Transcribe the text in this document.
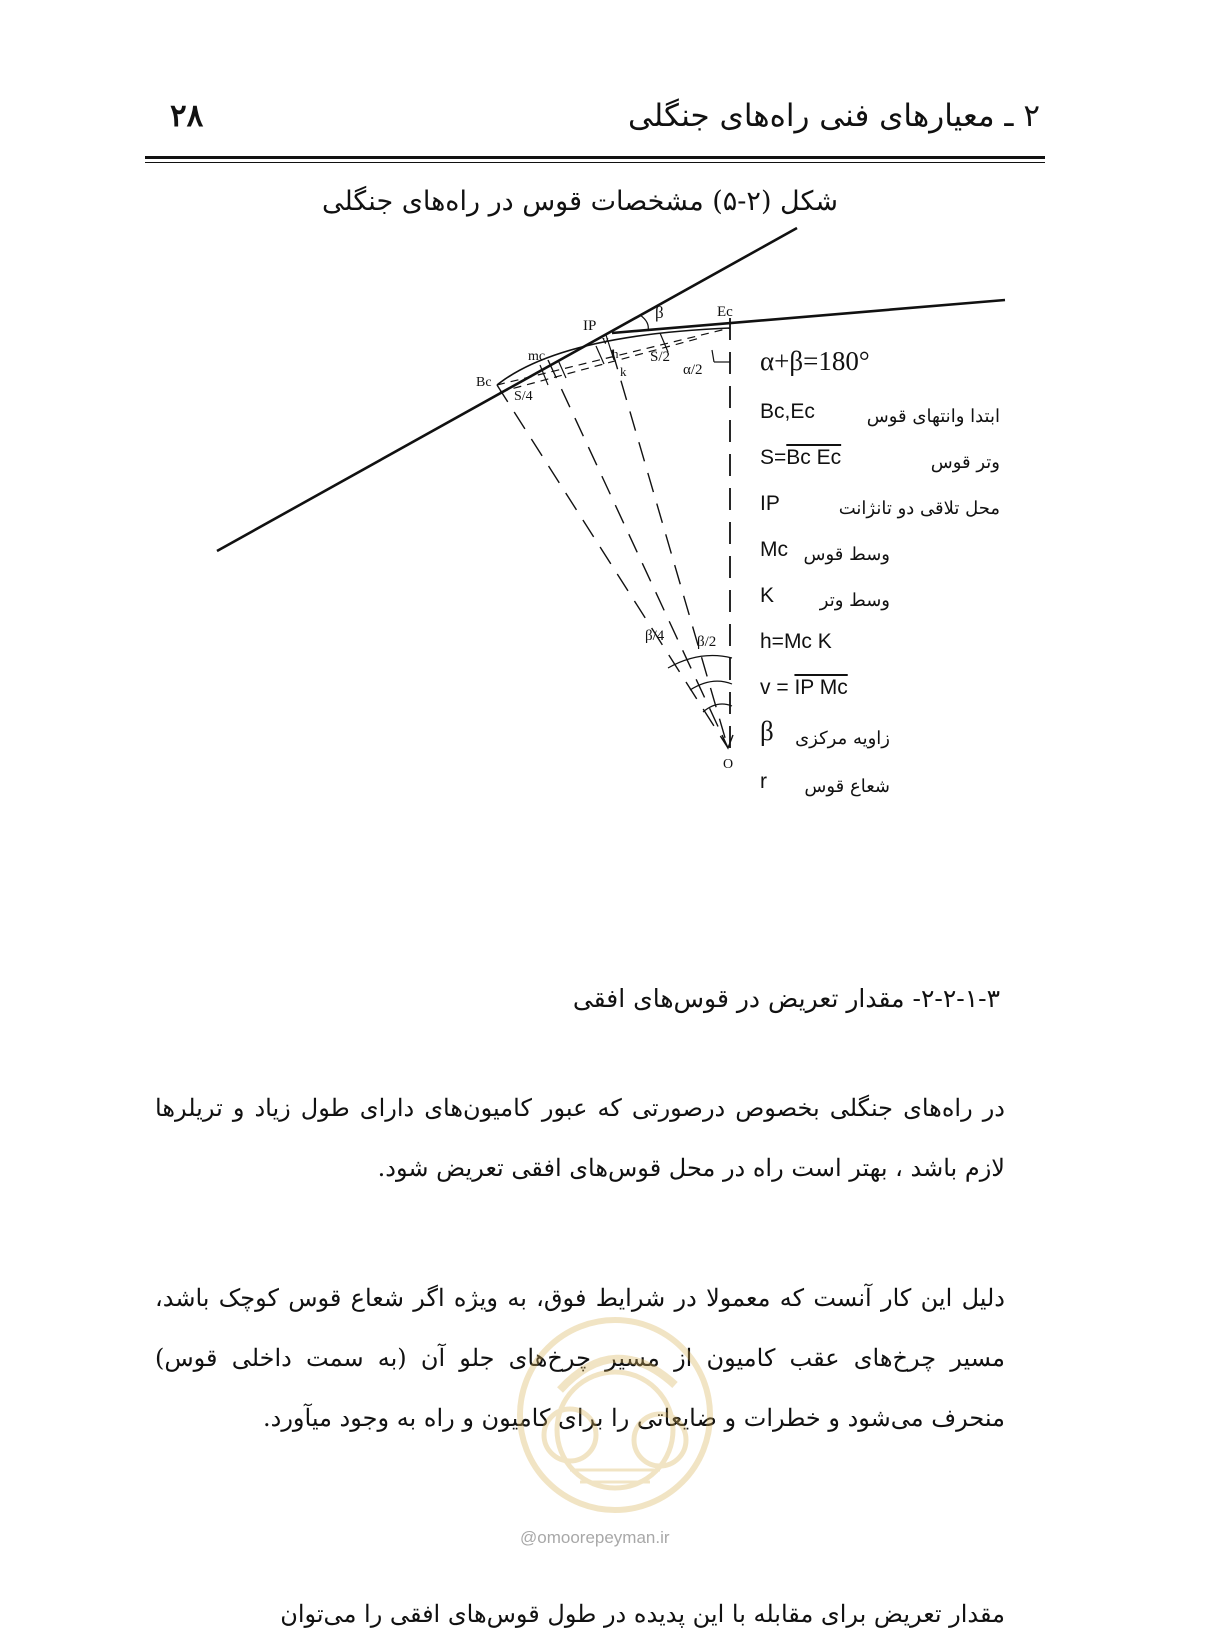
۲ ـ معیارهای فنی راه‌های جنگلی
۲۸
شکل (۲-۵) مشخصات قوس در راه‌های جنگلی
IP
β	Ec
mc
v
h
k
S/2
α/2
Bc
S/4
β/4 β/2
O
α+β=180°
Bc,Ec	ابتدا وانتهای قوس
S=Bc Ec	وتر قوس
IP	محل تلاقی دو تانژانت
Mc وسط قوس
K	وسط وتر
h=Mc K
v = IP Mc
β زاویه مرکزی
r شعاع قوس
۲-۲-۱-۳- مقدار تعریض در قوس‌های افقی

در راه‌های جنگلی بخصوص درصورتی که عبور کامیون‌های دارای طول زیاد و تریلرها لازم باشد ، بهتر است راه در محل قوس‌های افقی تعریض شود.

دلیل این کار آنست که معمولا در شرایط فوق، به ویژه اگر شعاع قوس کوچک باشد، مسیر چرخ‌های عقب کامیون از مسیر چرخ‌های جلو آن (به سمت داخلی قوس) منحرف می‌شود و خطرات و ضایعاتی را برای کامیون و راه به وجود میآورد.

مقدار تعریض برای مقابله با این پدیده در طول قوس‌های افقی را می‌توان

@omoorepeyman.ir
